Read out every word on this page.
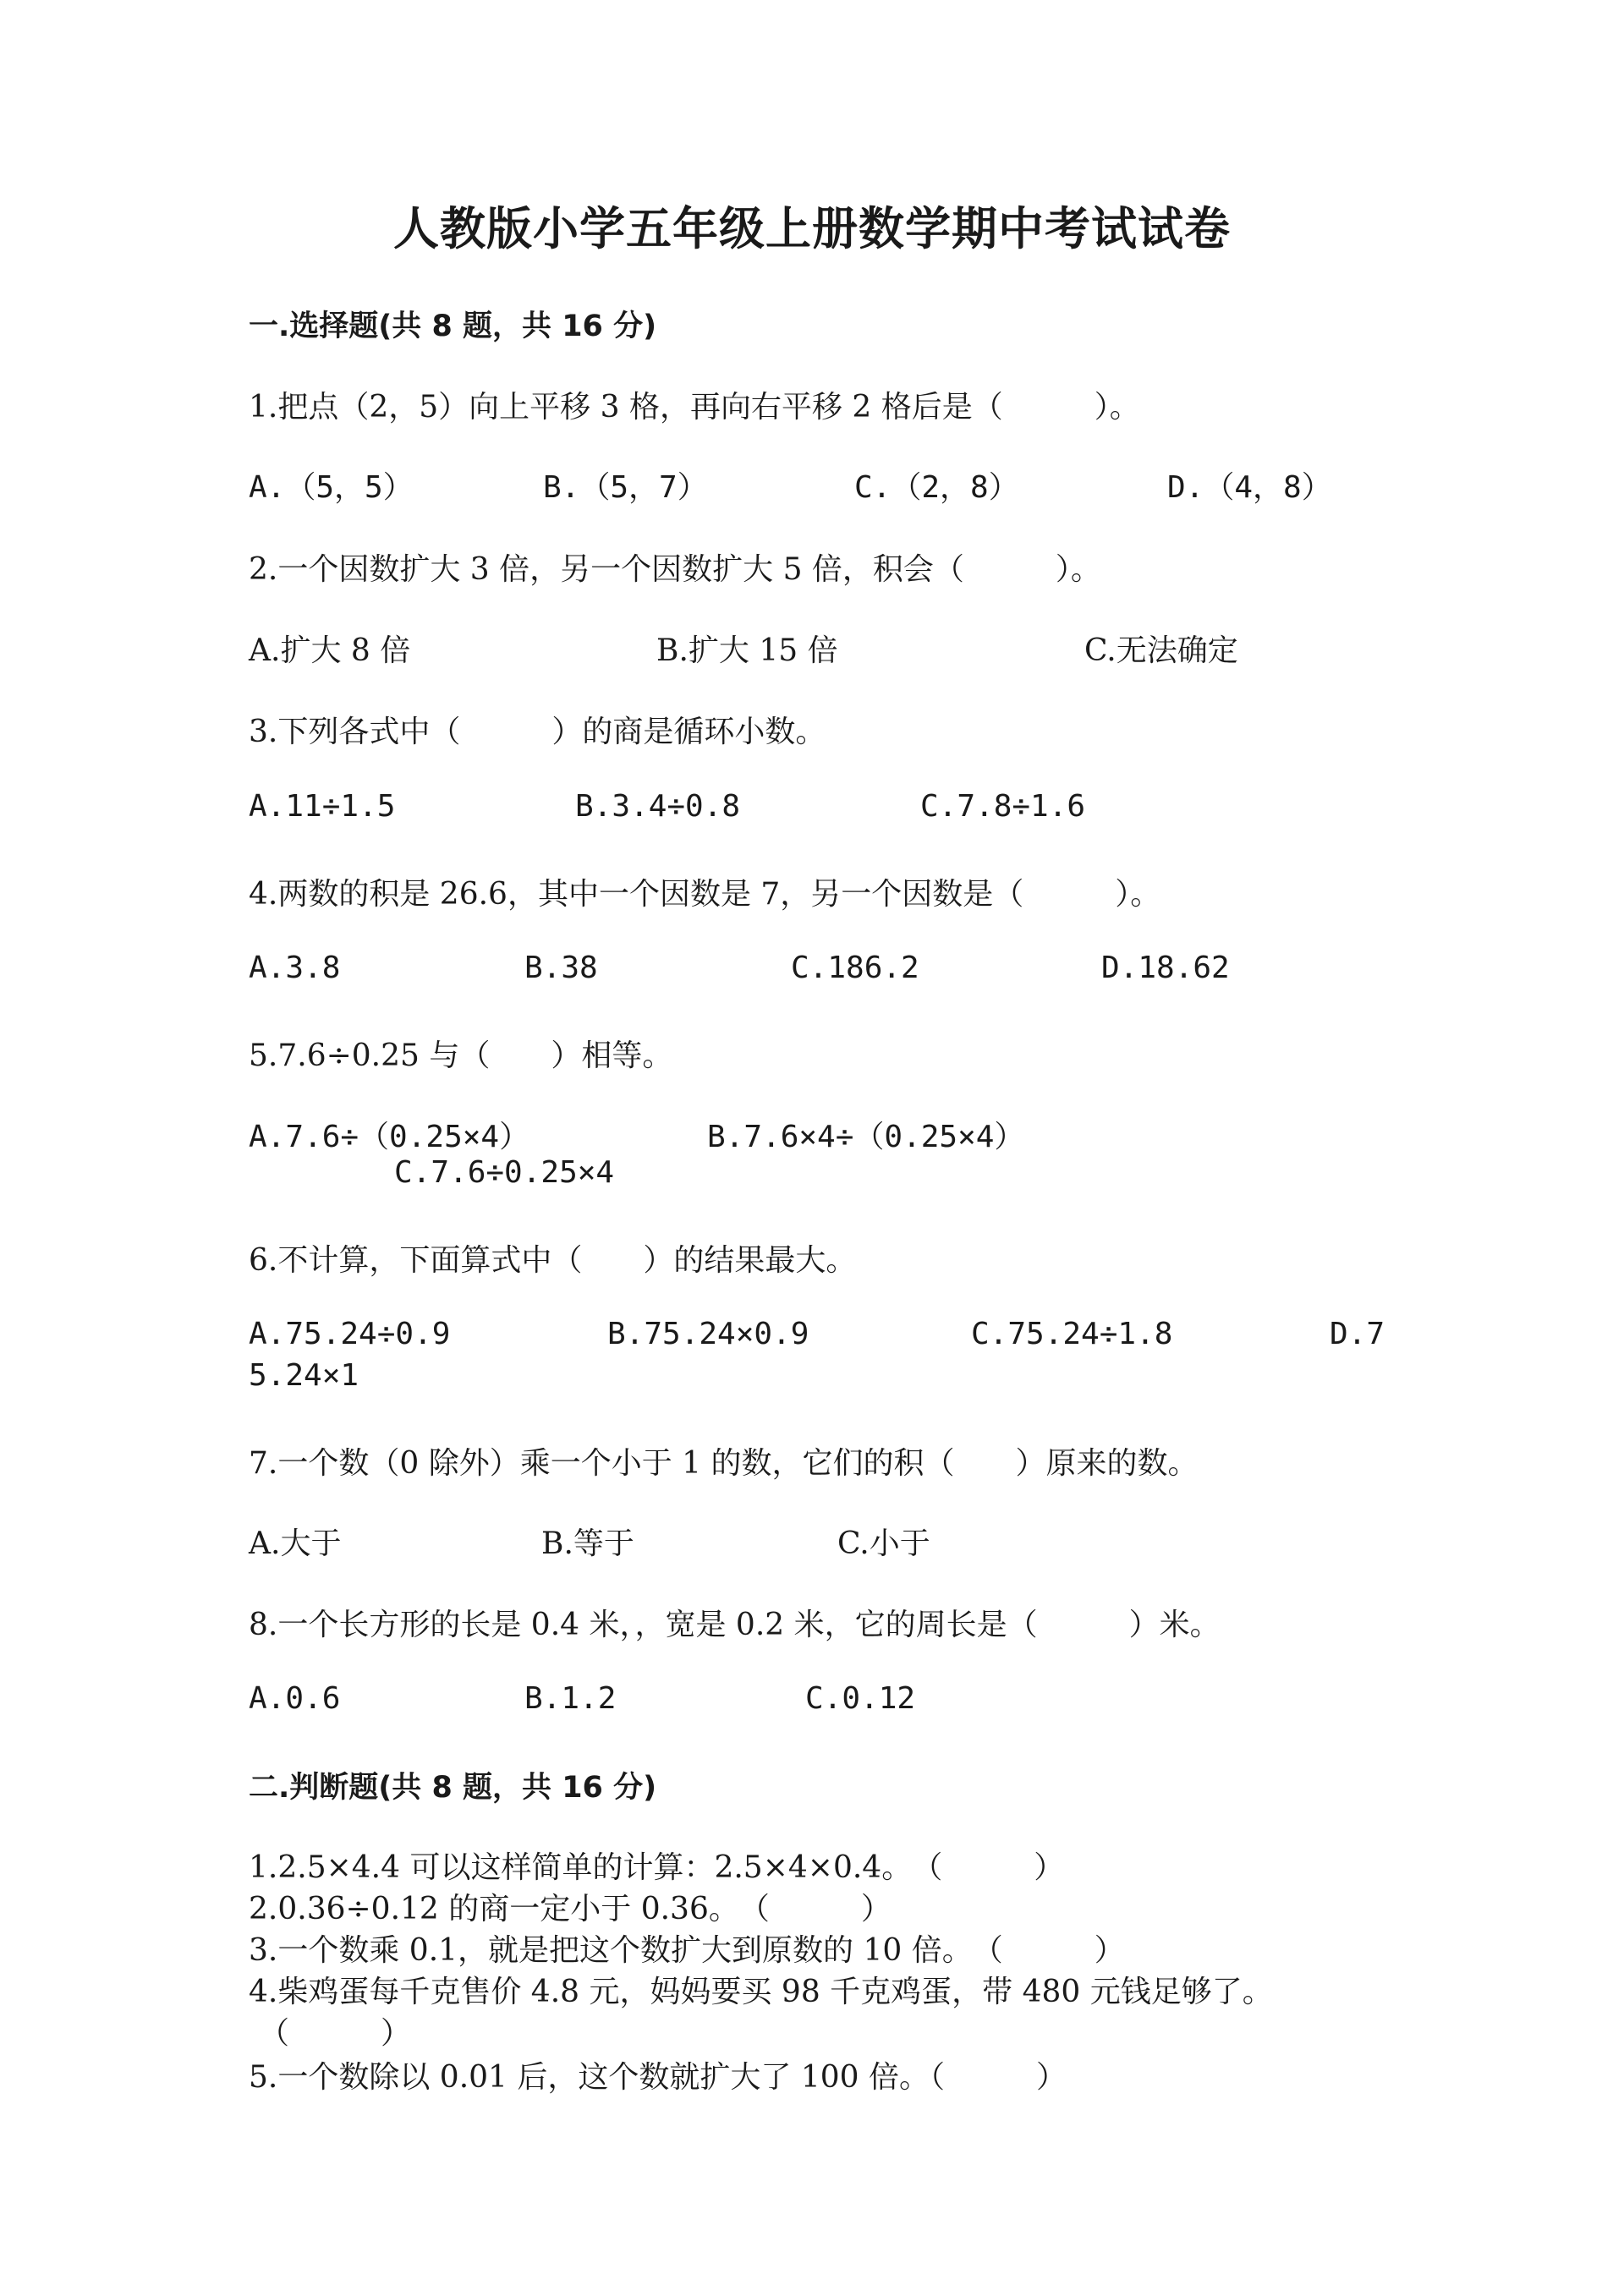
人教版小学五年级上册数学期中考试试卷
一.选择题(共 8 题，共 16 分)
1.把点（2，5）向上平移 3 格，再向右平移 2 格后是（　　　）。
A.（5，5）	B.（5，7）	C.（2，8）	D.（4，8）
2.一个因数扩大 3 倍，另一个因数扩大 5 倍，积会（　　　）。
A.扩大 8 倍	B.扩大 15 倍	C.无法确定
3.下列各式中（　　　）的商是循环小数。
A.11÷1.5	B.3.4÷0.8	C.7.8÷1.6
4.两数的积是 26.6，其中一个因数是 7，另一个因数是（　　　）。
A.3.8	B.38	C.186.2	D.18.62
5.7.6÷0.25 与（　　）相等。
A.7.6÷（0.25×4）	B.7.6×4÷（0.25×4）
C.7.6÷0.25×4
6.不计算，下面算式中（　　）的结果最大。
A.75.24÷0.9	B.75.24×0.9	C.75.24÷1.8	D.7
5.24×1
7.一个数（0 除外）乘一个小于 1 的数，它们的积（　　）原来的数。
A.大于	B.等于	C.小于
8.一个长方形的长是 0.4 米，，宽是 0.2 米，它的周长是（　　　）米。
A.0.6	B.1.2	C.0.12
二.判断题(共 8 题，共 16 分)
1.2.5×4.4 可以这样简单的计算：2.5×4×0.4。　（　　　）
2.0.36÷0.12 的商一定小于 0.36。　（　　　）
3.一个数乘 0.1，就是把这个数扩大到原数的 10 倍。　（　　　）
4.柴鸡蛋每千克售价 4.8 元，妈妈要买 98 千克鸡蛋，带 480 元钱足够了。
（　　　）
5.一个数除以 0.01 后，这个数就扩大了 100 倍。（　　　）
